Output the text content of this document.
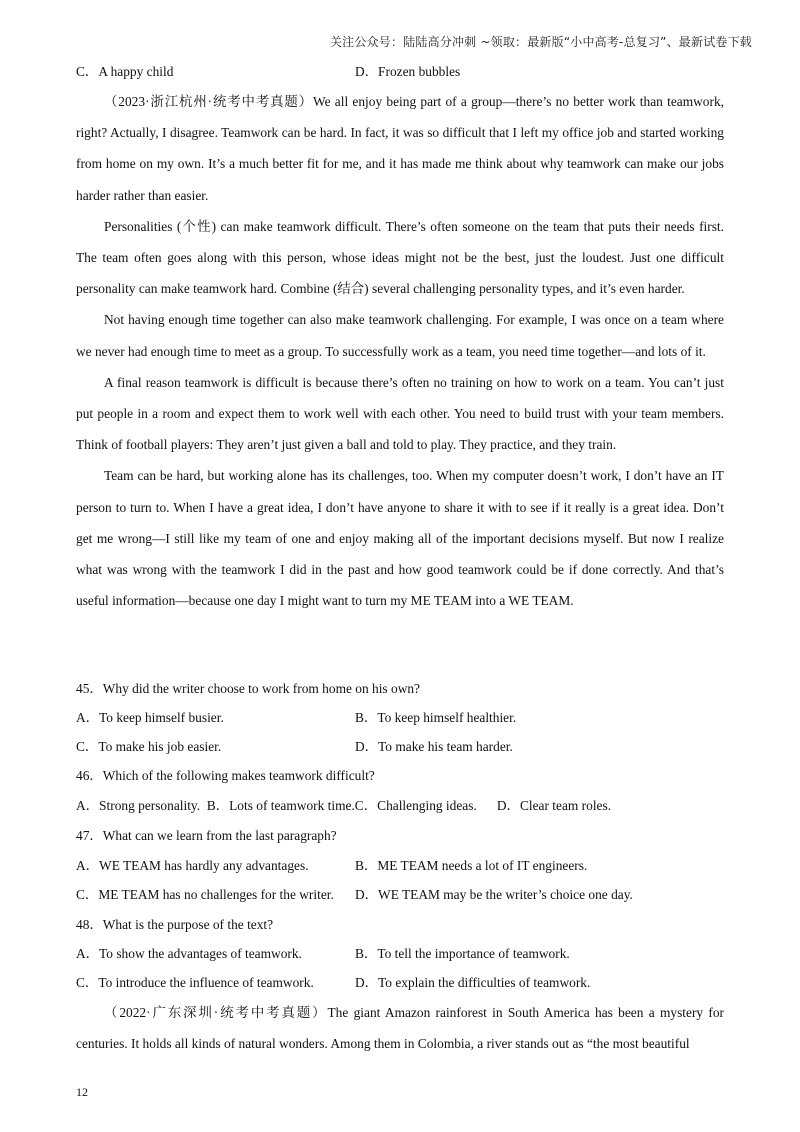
关注公众号：陆陆高分冲刺 ~领取：最新版“小中高考-总复习”、最新试卷下载
C．A happy child	D．Frozen bubbles

（2023·浙江杭州·统考中考真题）We all enjoy being part of a group—there’s no better work than teamwork, right? Actually, I disagree. Teamwork can be hard. In fact, it was so difficult that I left my office job and started working from home on my own. It’s a much better fit for me, and it has made me think about why teamwork can make our jobs harder rather than easier.

Personalities (个性) can make teamwork difficult. There’s often someone on the team that puts their needs first. The team often goes along with this person, whose ideas might not be the best, just the loudest. Just one difficult personality can make teamwork hard. Combine (结合) several challenging personality types, and it’s even harder.

Not having enough time together can also make teamwork challenging. For example, I was once on a team where we never had enough time to meet as a group. To successfully work as a team, you need time together—and lots of it.

A final reason teamwork is difficult is because there’s often no training on how to work on a team. You can’t just put people in a room and expect them to work well with each other. You need to build trust with your team members. Think of football players: They aren’t just given a ball and told to play. They practice, and they train.

Team can be hard, but working alone has its challenges, too. When my computer doesn’t work, I don’t have an IT person to turn to. When I have a great idea, I don’t have anyone to share it with to see if it really is a great idea. Don’t get me wrong—I still like my team of one and enjoy making all of the important decisions myself. But now I realize what was wrong with the teamwork I did in the past and how good teamwork could be if done correctly. And that’s useful information—because one day I might want to turn my ME TEAM into a WE TEAM.

45．Why did the writer choose to work from home on his own?
A．To keep himself busier.	B．To keep himself healthier.
C．To make his job easier.	D．To make his team harder.
46．Which of the following makes teamwork difficult?
A．Strong personality.  B．Lots of teamwork time.C．Challenging ideas.      D．Clear team roles.
47．What can we learn from the last paragraph?
A．WE TEAM has hardly any advantages.	B．ME TEAM needs a lot of IT engineers.
C．ME TEAM has no challenges for the writer. D．WE TEAM may be the writer’s choice one day.
48．What is the purpose of the text?
A．To show the advantages of teamwork.	B．To tell the importance of teamwork.
C．To introduce the influence of teamwork.	D．To explain the difficulties of teamwork.

（2022·广东深圳·统考中考真题）The giant Amazon rainforest in South America has been a mystery for centuries. It holds all kinds of natural wonders. Among them in Colombia, a river stands out as “the most beautiful

12
